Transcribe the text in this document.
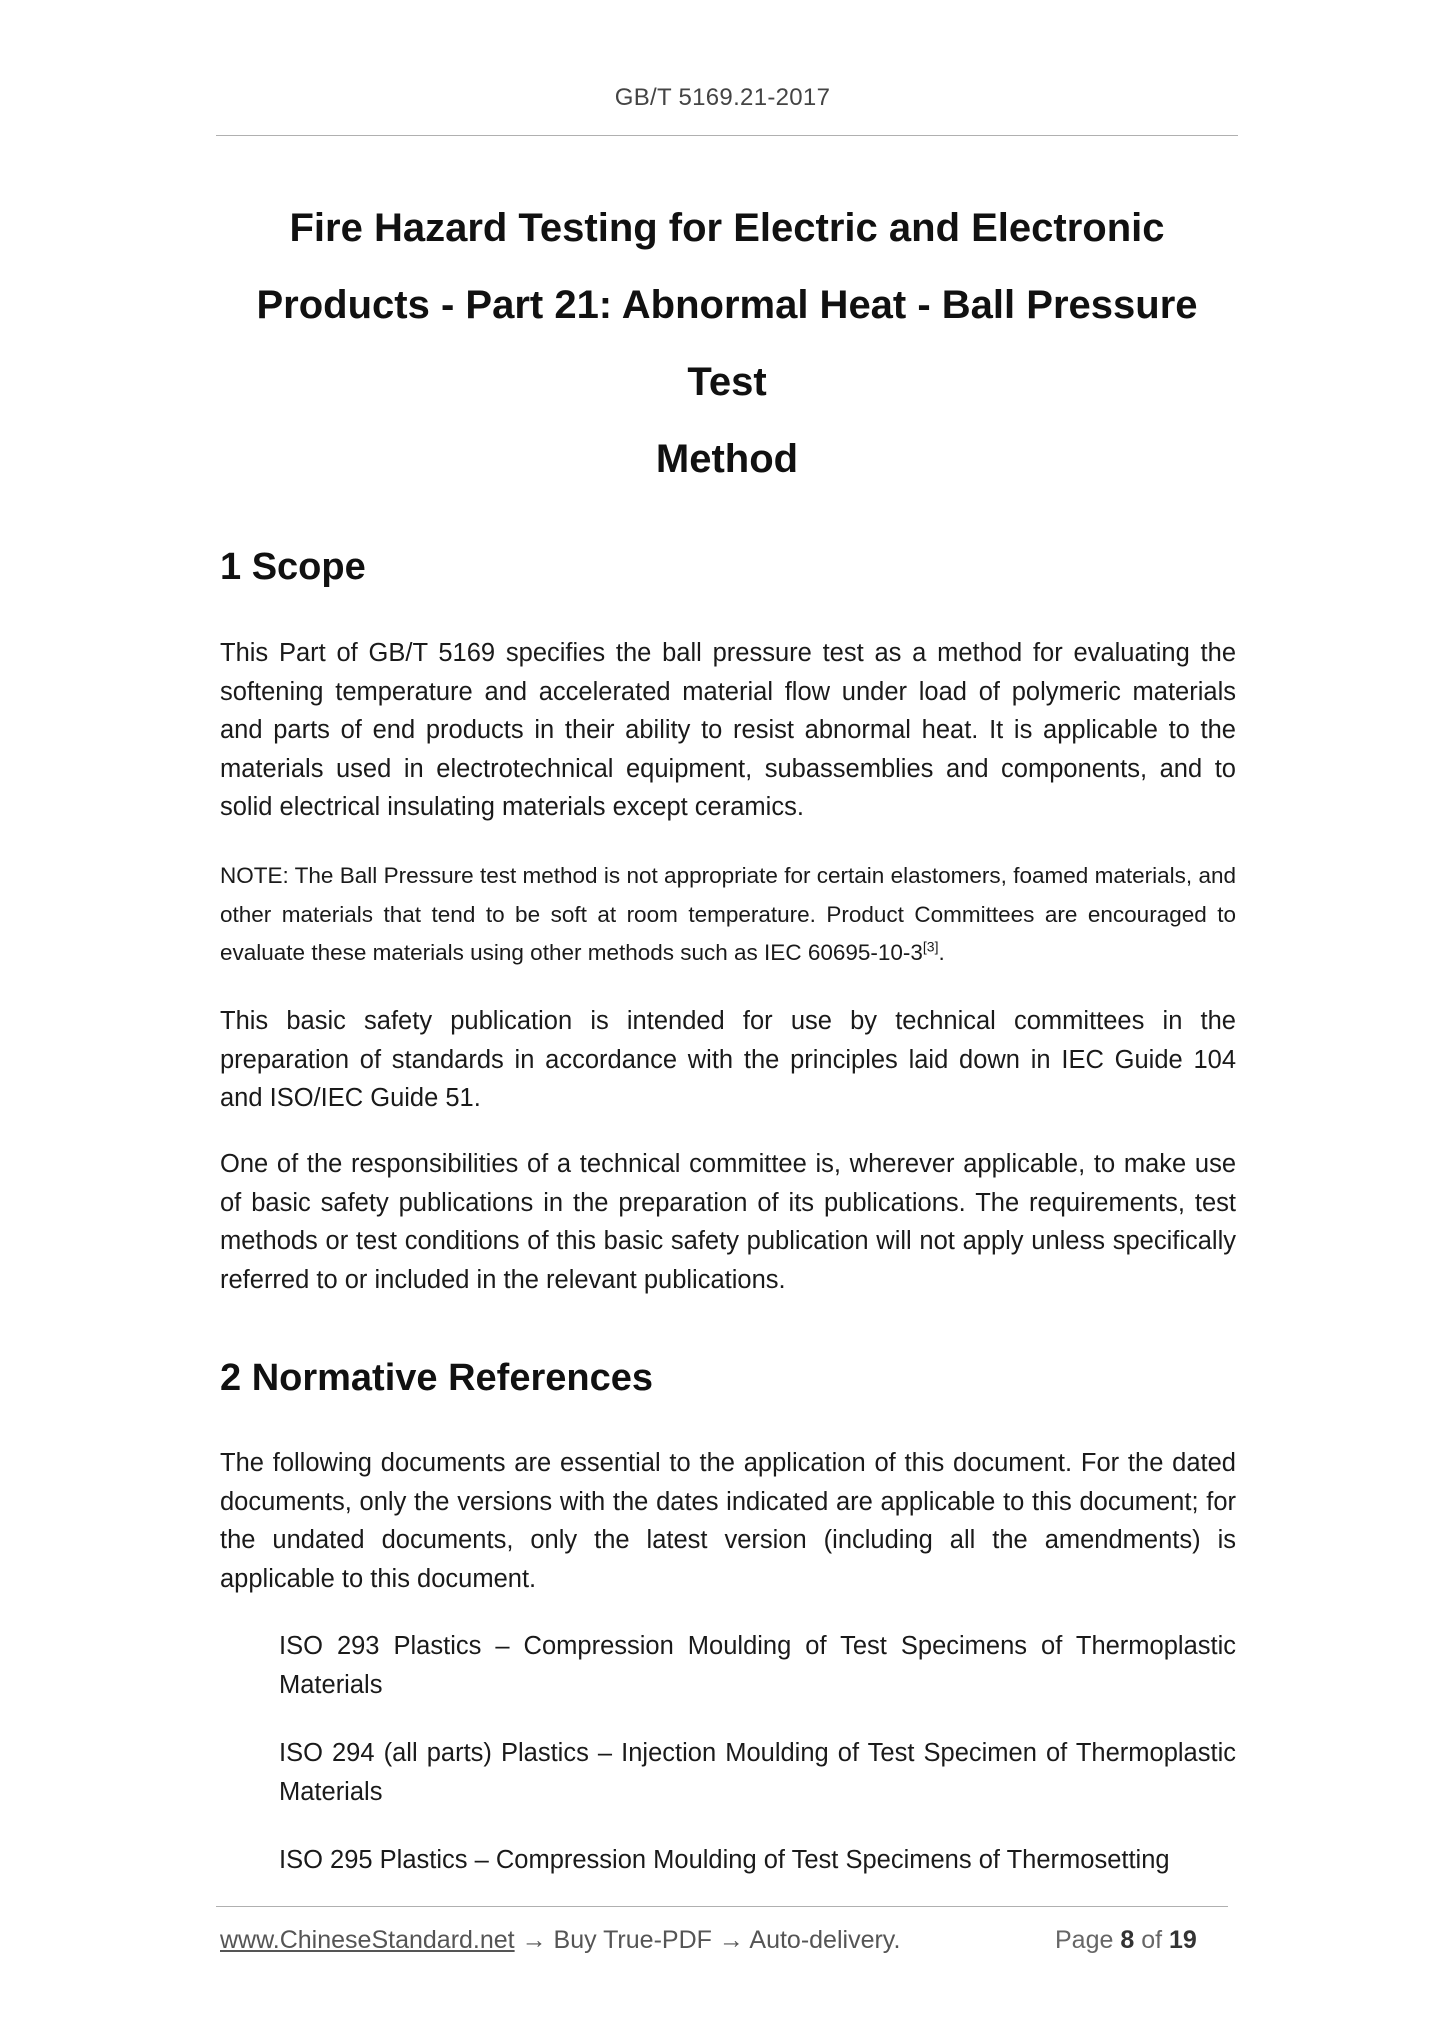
GB/T 5169.21-2017
Fire Hazard Testing for Electric and Electronic
Products - Part 21: Abnormal Heat - Ball Pressure Test
Method
1 Scope

This Part of GB/T 5169 specifies the ball pressure test as a method for evaluating the softening temperature and accelerated material flow under load of polymeric materials and parts of end products in their ability to resist abnormal heat. It is applicable to the materials used in electrotechnical equipment, subassemblies and components, and to solid electrical insulating materials except ceramics.

NOTE: The Ball Pressure test method is not appropriate for certain elastomers, foamed materials, and other materials that tend to be soft at room temperature. Product Committees are encouraged to evaluate these materials using other methods such as IEC 60695-10-3[3].

This basic safety publication is intended for use by technical committees in the preparation of standards in accordance with the principles laid down in IEC Guide 104 and ISO/IEC Guide 51.

One of the responsibilities of a technical committee is, wherever applicable, to make use of basic safety publications in the preparation of its publications. The requirements, test methods or test conditions of this basic safety publication will not apply unless specifically referred to or included in the relevant publications.

2 Normative References

The following documents are essential to the application of this document. For the dated documents, only the versions with the dates indicated are applicable to this document; for the undated documents, only the latest version (including all the amendments) is applicable to this document.

ISO 293 Plastics – Compression Moulding of Test Specimens of Thermoplastic Materials

ISO 294 (all parts) Plastics – Injection Moulding of Test Specimen of Thermoplastic Materials

ISO 295 Plastics – Compression Moulding of Test Specimens of Thermosetting

www.ChineseStandard.net → Buy True-PDF → Auto-delivery.	Page 8 of 19
